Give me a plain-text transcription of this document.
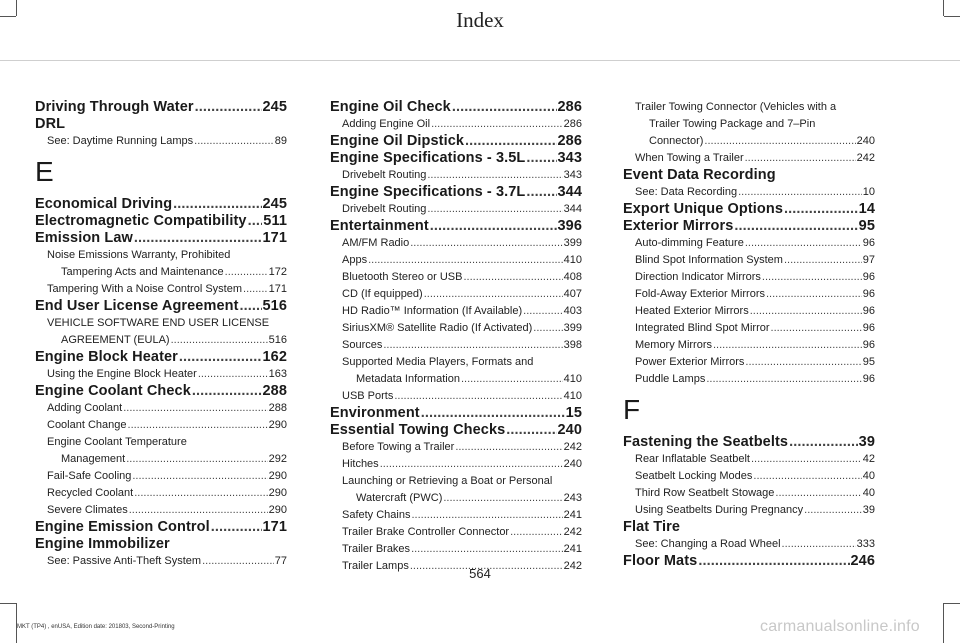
Index
Driving Through Water .....	245
DRL
See: Daytime Running Lamps .....	89
E
Economical Driving .....	245
Electromagnetic Compatibility ..... 511
Emission Law .....	171
Noise Emissions Warranty, Prohibited
Tampering Acts and Maintenance .....	172
Tampering With a Noise Control System ..... 171
End User License Agreement ..... 516
VEHICLE SOFTWARE END USER LICENSE
AGREEMENT (EULA) .....	516
Engine Block Heater .....	162
Using the Engine Block Heater .....	163
Engine Coolant Check .....	288
Adding Coolant .....	288
Coolant Change .....	290
Engine Coolant Temperature
Management .....	292
Fail-Safe Cooling .....	290
Recycled Coolant .....	290
Severe Climates .....	290
Engine Emission Control .....	171
Engine Immobilizer
See: Passive Anti-Theft System .....	77
Engine Oil Check .....	286
Adding Engine Oil .....	286
Engine Oil Dipstick .....	286
Engine Specifications - 3.5L ..... 343
Drivebelt Routing .....	343
Engine Specifications - 3.7L ..... 344
Drivebelt Routing .....	344
Entertainment .....	396
AM/FM Radio .....	399
Apps .....	410
Bluetooth Stereo or USB .....	408
CD (If equipped) .....	407
HD Radio™ Information (If Available) .....	403
SiriusXM® Satellite Radio (If Activated) .....	399
Sources .....	398
Supported Media Players, Formats and
Metadata Information .....	410
USB Ports .....	410
Environment .....	15
Essential Towing Checks .....	240
Before Towing a Trailer .....	242
Hitches .....	240
Launching or Retrieving a Boat or Personal
Watercraft (PWC) .....	243
Safety Chains .....	241
Trailer Brake Controller Connector .....	242
Trailer Brakes .....	241
Trailer Lamps .....	242
Trailer Towing Connector (Vehicles with a
Trailer Towing Package and 7–Pin
Connector) .....	240
When Towing a Trailer .....	242
Event Data Recording
See: Data Recording .....	10
Export Unique Options .....	14
Exterior Mirrors .....	95
Auto-dimming Feature .....	96
Blind Spot Information System .....	97
Direction Indicator Mirrors .....	96
Fold-Away Exterior Mirrors .....	96
Heated Exterior Mirrors .....	96
Integrated Blind Spot Mirror .....	96
Memory Mirrors .....	96
Power Exterior Mirrors .....	95
Puddle Lamps .....	96
F
Fastening the Seatbelts .....	39
Rear Inflatable Seatbelt .....	42
Seatbelt Locking Modes .....	40
Third Row Seatbelt Stowage .....	40
Using Seatbelts During Pregnancy .....	39
Flat Tire
See: Changing a Road Wheel .....	333
Floor Mats .....	246
564
MKT (TP4) , enUSA, Edition date: 201803, Second-Printing	carmanualsonline.info
